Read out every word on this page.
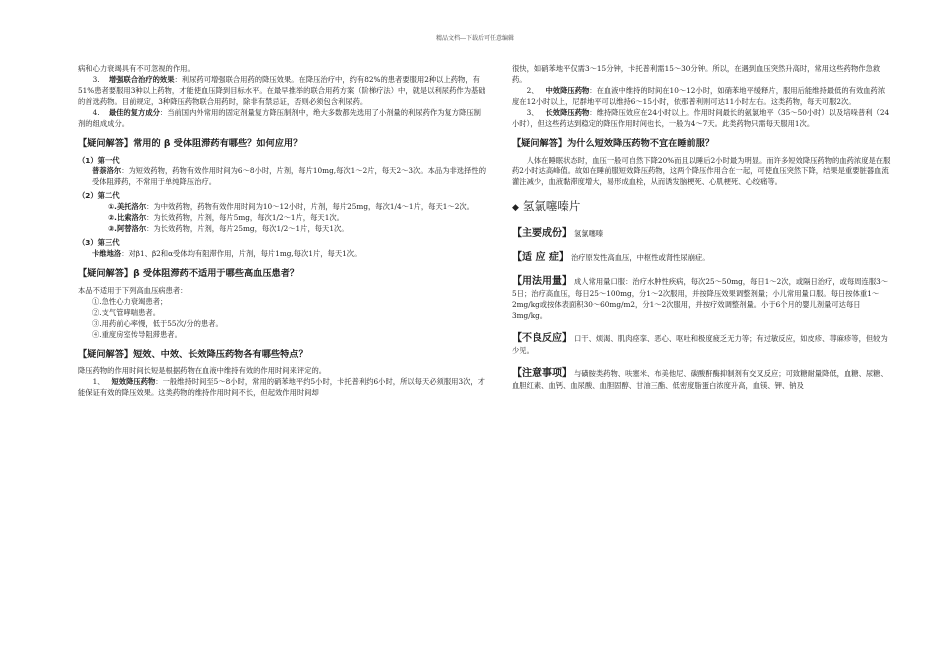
精品文档---下载后可任意编辑

病和心力衰竭具有不可忽视的作用。

3. 增强联合治疗的效果：利尿药可增强联合用药的降压效果。在降压治疗中，约有82%的患者要服用2种以上药物，有51%患者要服用3种以上药物，才能使血压降到目标水平。在最早推举的联合用药方案（阶梯疗法）中，就是以利尿药作为基础的首选药物。目前规定，3种降压药物联合用药时，除非有禁忌证，否则必须包含利尿药。

4. 最佳的复方成分：当前国内外常用的固定剂量复方降压制剂中，绝大多数都先选用了小剂量的利尿药作为复方降压制剂的组成成分。

【疑问解答】常用的 β 受体阻滞药有哪些？如何应用？
（1）第一代

普萘洛尔：为短效药物，药物有效作用时间为6～8小时，片剂，每片10mg,每次1～2片，每天2～3次。本品为非选择性的受体阻滞药，不常用于单纯降压治疗。

（2）第二代

①.美托洛尔：为中效药物，药物有效作用时间为10～12小时，片剂，每片25mg，每次1/4～1片，每天1～2次。

②.比索洛尔：为长效药物，片剂，每片5mg，每次1/2～1片，每天1次。

③.阿替洛尔：为长效药物，片剂，每片25mg，每次1/2～1片，每天1次。

（3）第三代

卡维地洛：对β1、β2和α受体均有阻滞作用，片剂，每片1mg,每次1片，每天1次。

【疑问解答】β 受体阻滞药不适用于哪些高血压患者？

本品不适用于下列高血压病患者：

①.急性心力衰竭患者；

②.支气管哮喘患者。

③.用药前心率慢，低于55次/分的患者。

④.重度房室传导阻滞患者。

【疑问解答】短效、中效、长效降压药物各有哪些特点？

降压药物的作用时间长短是根据药物在血液中维持有效的作用时间来评定的。

1、 短效降压药物：一般维持时间至5～8小时，常用的硝苯地平约5小时，卡托普利约6小时，所以每天必须服用3次，才能保证有效的降压效果。这类药物的维持作用时间不长，但起效作用时间却

很快，如硝苯地平仅需3～15分钟，卡托普利需15～30分钟。所以，在遇到血压突然升高时，常用这些药物作急救药。

2、 中效降压药物：在血液中维持的时间在10～12小时，如硝苯地平缓释片，服用后能维持最低的有效血药浓度在12小时以上，尼群地平可以维持6～15小时，依那普利则可达11小时左右。这类药物，每天可服2次。

3、 长效降压药物：维持降压效应在24小时以上。作用时间最长的氨氯地平（35～50小时）以及培哚普利（24小时），但这些药达到稳定的降压作用时间也长，一般为4～7天。此类药物只需每天服用1次。

【疑问解答】为什么短效降压药物不宜在睡前服？

人体在睡眠状态时，血压一般可自然下降20%而且以睡后2小时最为明显。而许多短效降压药物的血药浓度是在服药2小时达高峰值。故如在睡前服短效降压药物，这两个降压作用合在一起，可使血压突然下降，结果是重要脏器血流灌注减少，血液黏滞度增大，易形成血栓，从而诱发脑梗死、心肌梗死、心绞痛等。

◆ 氢氯噻嗪片

【主要成份】 氢氯噻嗪

【适 应 症】 治疗原发性高血压，中枢性或肾性尿崩症。

【用法用量】 成人常用量口服：治疗水肿性疾病，每次25～50mg，每日1～2次，或隔日治疗，或每周连服3～5日；治疗高血压，每日25～100mg，分1～2次服用，并按降压效果调整剂量；小儿常用量口服。每日按体重1～2mg/kg或按体表面积30～60mg/m2，分1～2次服用，并按疗效调整剂量。小于6个月的婴儿剂量可达每日3mg/kg。

【不良反应】 口干、烦渴、肌肉痉挛、恶心、呕吐和极度疲乏无力等；有过敏反应，如皮疹、荨麻疹等，但较为少见。

【注意事项】 与磺胺类药物、呋塞米、布美他尼、碳酸酐酶抑制剂有交叉反应；可致糖耐量降低，血糖、尿糖、血胆红素、血钙、血尿酸、血胆固醇、甘油三酯、低密度脂蛋白浓度升高，血镁、钾、钠及
